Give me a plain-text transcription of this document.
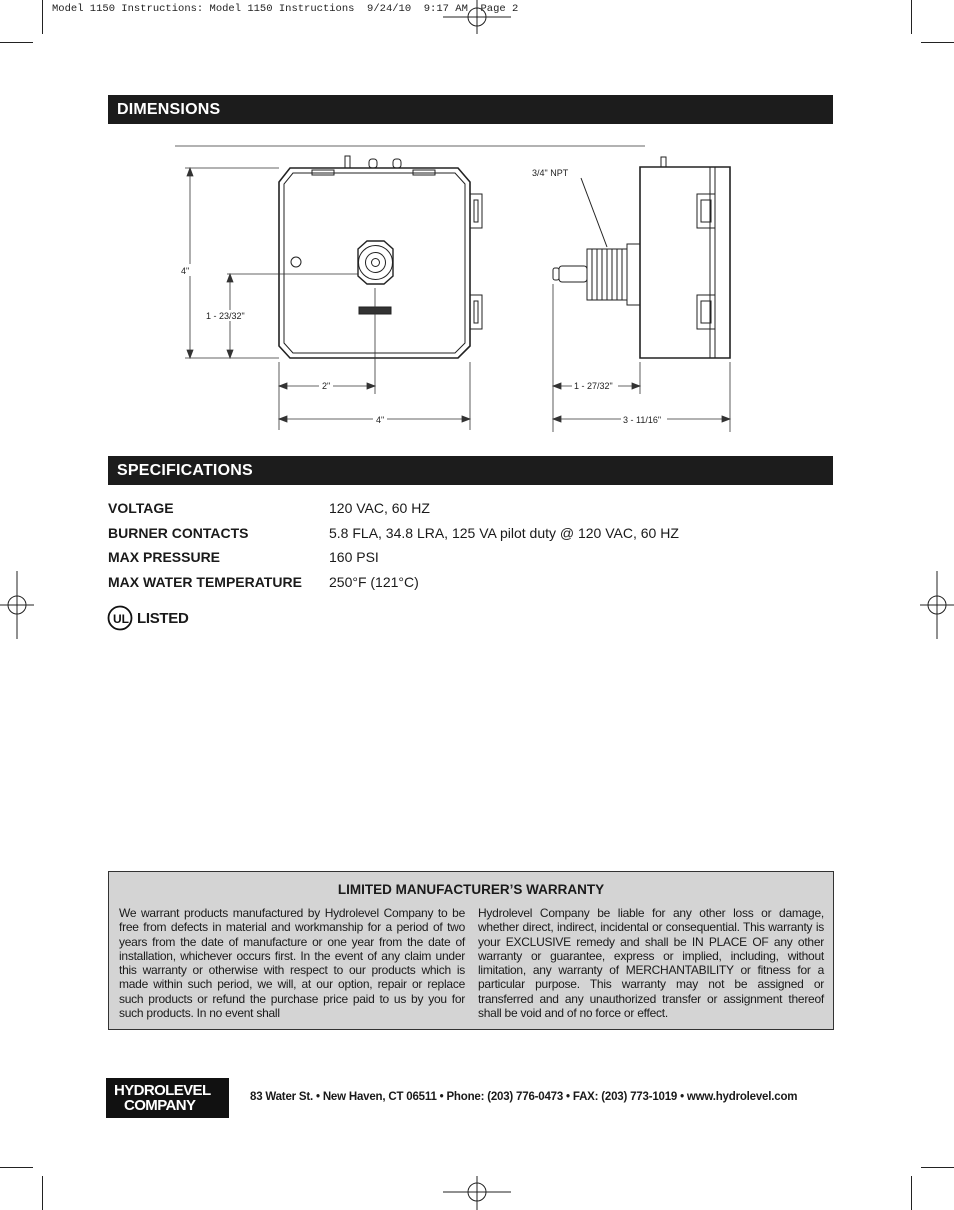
Model 1150 Instructions: Model 1150 Instructions  9/24/10  9:17 AM  Page 2
DIMENSIONS
4"
1 - 23/32"
2"
4"
3/4" NPT
1 - 27/32"
3 - 11/16"
SPECIFICATIONS
VOLTAGE	120 VAC, 60 HZ
BURNER CONTACTS	5.8 FLA, 34.8 LRA, 125 VA pilot duty @ 120 VAC, 60 HZ
MAX PRESSURE	160 PSI
MAX WATER TEMPERATURE 250°F (121°C)
UL LISTED
LIMITED MANUFACTURER’S WARRANTY
We warrant products manufactured by Hydrolevel Company to be free from defects in material and workmanship for a period of two years from the date of manufacture or one year from the date of installation, whichever occurs first. In the event of any claim under this warranty or otherwise with respect to our products which is made within such period, we will, at our option, repair or replace such products or refund the purchase price paid to us by you for such products. In no event shall
Hydrolevel Company be liable for any other loss or damage, whether direct, indirect, incidental or consequential. This warranty is your EXCLUSIVE remedy and shall be IN PLACE OF any other warranty or guarantee, express or implied, including, without limitation, any warranty of MERCHANTABILITY or fitness for a particular purpose. This warranty may not be assigned or transferred and any unauthorized transfer or assignment thereof shall be void and of no force or effect.
HYDROLEVEL
COMPANY	83 Water St. • New Haven, CT 06511 • Phone: (203) 776-0473 • FAX: (203) 773-1019 • www.hydrolevel.com
